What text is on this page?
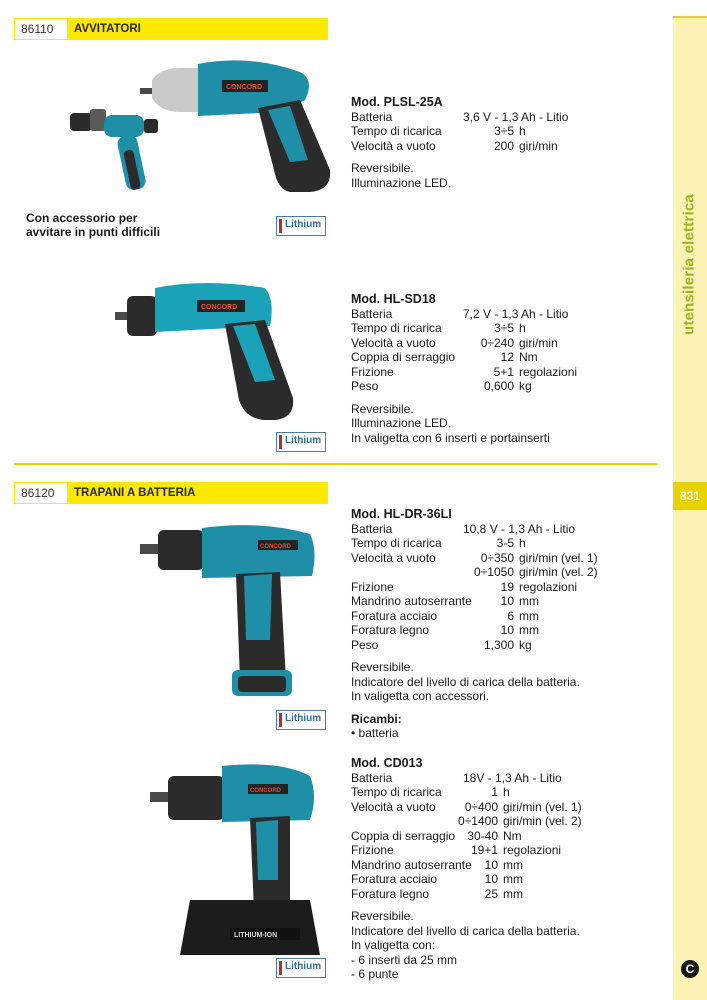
utensileria elettrica
831
C
86110	AVVITATORI
86120	TRAPANI A BATTERIA
CONCORD
CONCORD
CONCORD
CONCORD
LITHIUM-ION
Con accessorio per
avvitare in punti difficili
Lithium
Lithium
Lithium
Lithium
Mod. PLSL-25A
Batteria	3,6 V - 1,3 Ah - Litio
Tempo di ricarica	3÷5 h
Velocità a vuoto	200 giri/min
Reversibile.
Illuminazione LED.
Mod. HL-SD18
Batteria	7,2 V - 1,3 Ah - Litio
Tempo di ricarica	3÷5 h
Velocità a vuoto	0÷240 giri/min
Coppia di serraggio	12 Nm
Frizione	5+1 regolazioni
Peso	0,600 kg
Reversibile.
Illuminazione LED.
In valigetta con 6 inserti e portainserti
Mod. HL-DR-36LI
Batteria	10,8 V - 1,3 Ah - Litio
Tempo di ricarica	3-5 h
Velocità a vuoto	0÷350 giri/min (vel. 1)
0÷1050 giri/min (vel. 2)
Frizione	19 regolazioni
Mandrino autoserrante	10 mm
Foratura acciaio	6 mm
Foratura legno	10 mm
Peso	1,300 kg
Reversibile.
Indicatore del livello di carica della batteria.
In valigetta con accessori.
Ricambi:
• batteria
Mod. CD013
Batteria	18V - 1,3 Ah - Litio
Tempo di ricarica	1 h
Velocità a vuoto	0÷400 giri/min (vel. 1)
0÷1400 giri/min (vel. 2)
Coppia di serraggio	30-40 Nm
Frizione	19+1 regolazioni
Mandrino autoserrante	10 mm
Foratura acciaio	10 mm
Foratura legno	25 mm
Reversibile.
Indicatore del livello di carica della batteria.
In valigetta con:
- 6 inserti da 25 mm
- 6 punte
